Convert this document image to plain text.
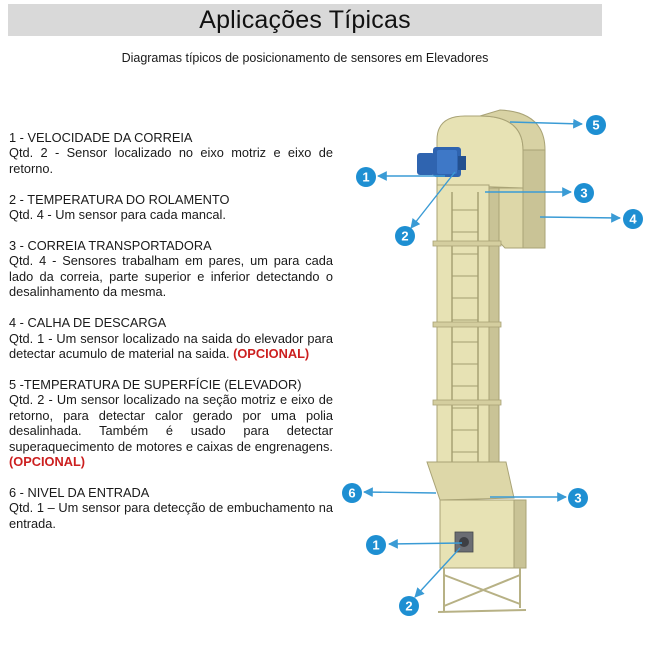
Aplicações Típicas
Diagramas típicos de posicionamento de sensores em Elevadores
1 - VELOCIDADE DA CORREIA
Qtd. 2 - Sensor localizado no eixo motriz e eixo de retorno.
2 - TEMPERATURA DO ROLAMENTO
Qtd. 4 - Um sensor para cada mancal.
3 - CORREIA TRANSPORTADORA
Qtd. 4 - Sensores trabalham em pares, um para cada lado da correia, parte superior e inferior detectando o desalinhamento da mesma.
4 - CALHA DE DESCARGA
Qtd. 1 - Um sensor localizado na saida do elevador para detectar acumulo de material na saida. (OPCIONAL)
5 -TEMPERATURA DE SUPERFÍCIE (ELEVADOR)
Qtd. 2 - Um sensor localizado na seção motriz e eixo de retorno, para detectar calor gerado por uma polia desalinhada. Também é usado para detectar superaquecimento de motores e caixas de engrenagens. (OPCIONAL)
6 - NIVEL DA ENTRADA
Qtd. 1 – Um sensor para detecção de embuchamento na entrada.
5
1
3
2
4
6	3
1
2
